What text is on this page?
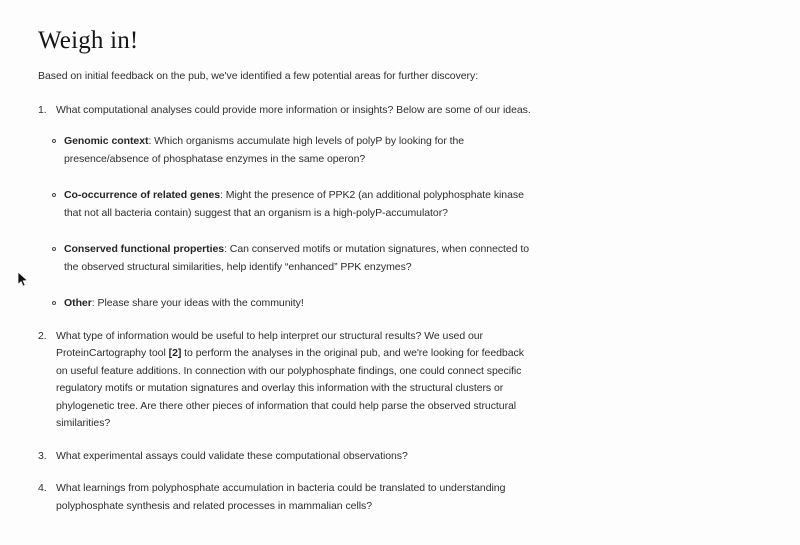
Weigh in!

Based on initial feedback on the pub, we've identified a few potential areas for further discovery:

1. What computational analyses could provide more information or insights? Below are some of our ideas.

Genomic context: Which organisms accumulate high levels of polyP by looking for the presence/absence of phosphatase enzymes in the same operon?

Co-occurrence of related genes: Might the presence of PPK2 (an additional polyphosphate kinase that not all bacteria contain) suggest that an organism is a high-polyP-accumulator?

Conserved functional properties: Can conserved motifs or mutation signatures, when connected to the observed structural similarities, help identify “enhanced” PPK enzymes?

Other: Please share your ideas with the community!

2. What type of information would be useful to help interpret our structural results? We used our ProteinCartography tool [2] to perform the analyses in the original pub, and we're looking for feedback on useful feature additions. In connection with our polyphosphate findings, one could connect specific regulatory motifs or mutation signatures and overlay this information with the structural clusters or phylogenetic tree. Are there other pieces of information that could help parse the observed structural similarities?

3. What experimental assays could validate these computational observations?

4. What learnings from polyphosphate accumulation in bacteria could be translated to understanding polyphosphate synthesis and related processes in mammalian cells?
